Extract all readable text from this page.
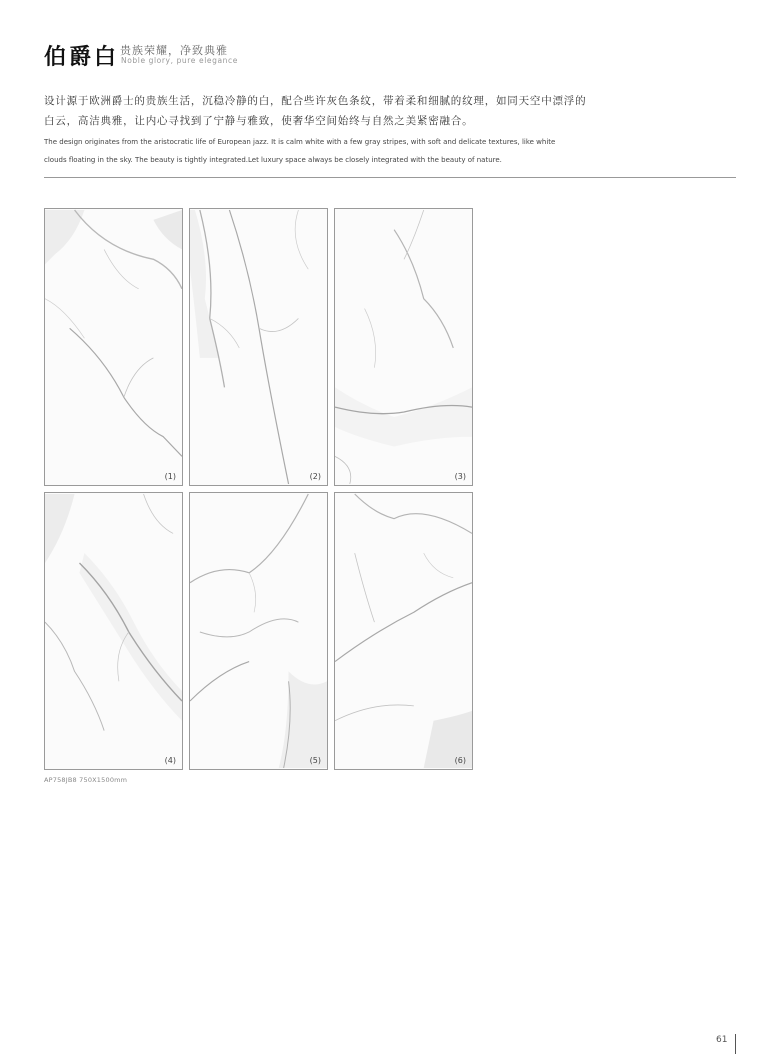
伯爵白 贵族荣耀，净致典雅
Noble glory, pure elegance
设计源于欧洲爵士的贵族生活，沉稳冷静的白，配合些许灰色条纹，带着柔和细腻的纹理，如同天空中漂浮的
白云，高洁典雅，让内心寻找到了宁静与雅致，使奢华空间始终与自然之美紧密融合。
The design originates from the aristocratic life of European jazz. It is calm white with a few gray stripes, with soft and delicate textures, like white
clouds floating in the sky. The beauty is tightly integrated.Let luxury space always be closely integrated with the beauty of nature.
(1)	(2)	(3)
(4)	(5)	(6)
AP758JB8 750X1500mm
61
